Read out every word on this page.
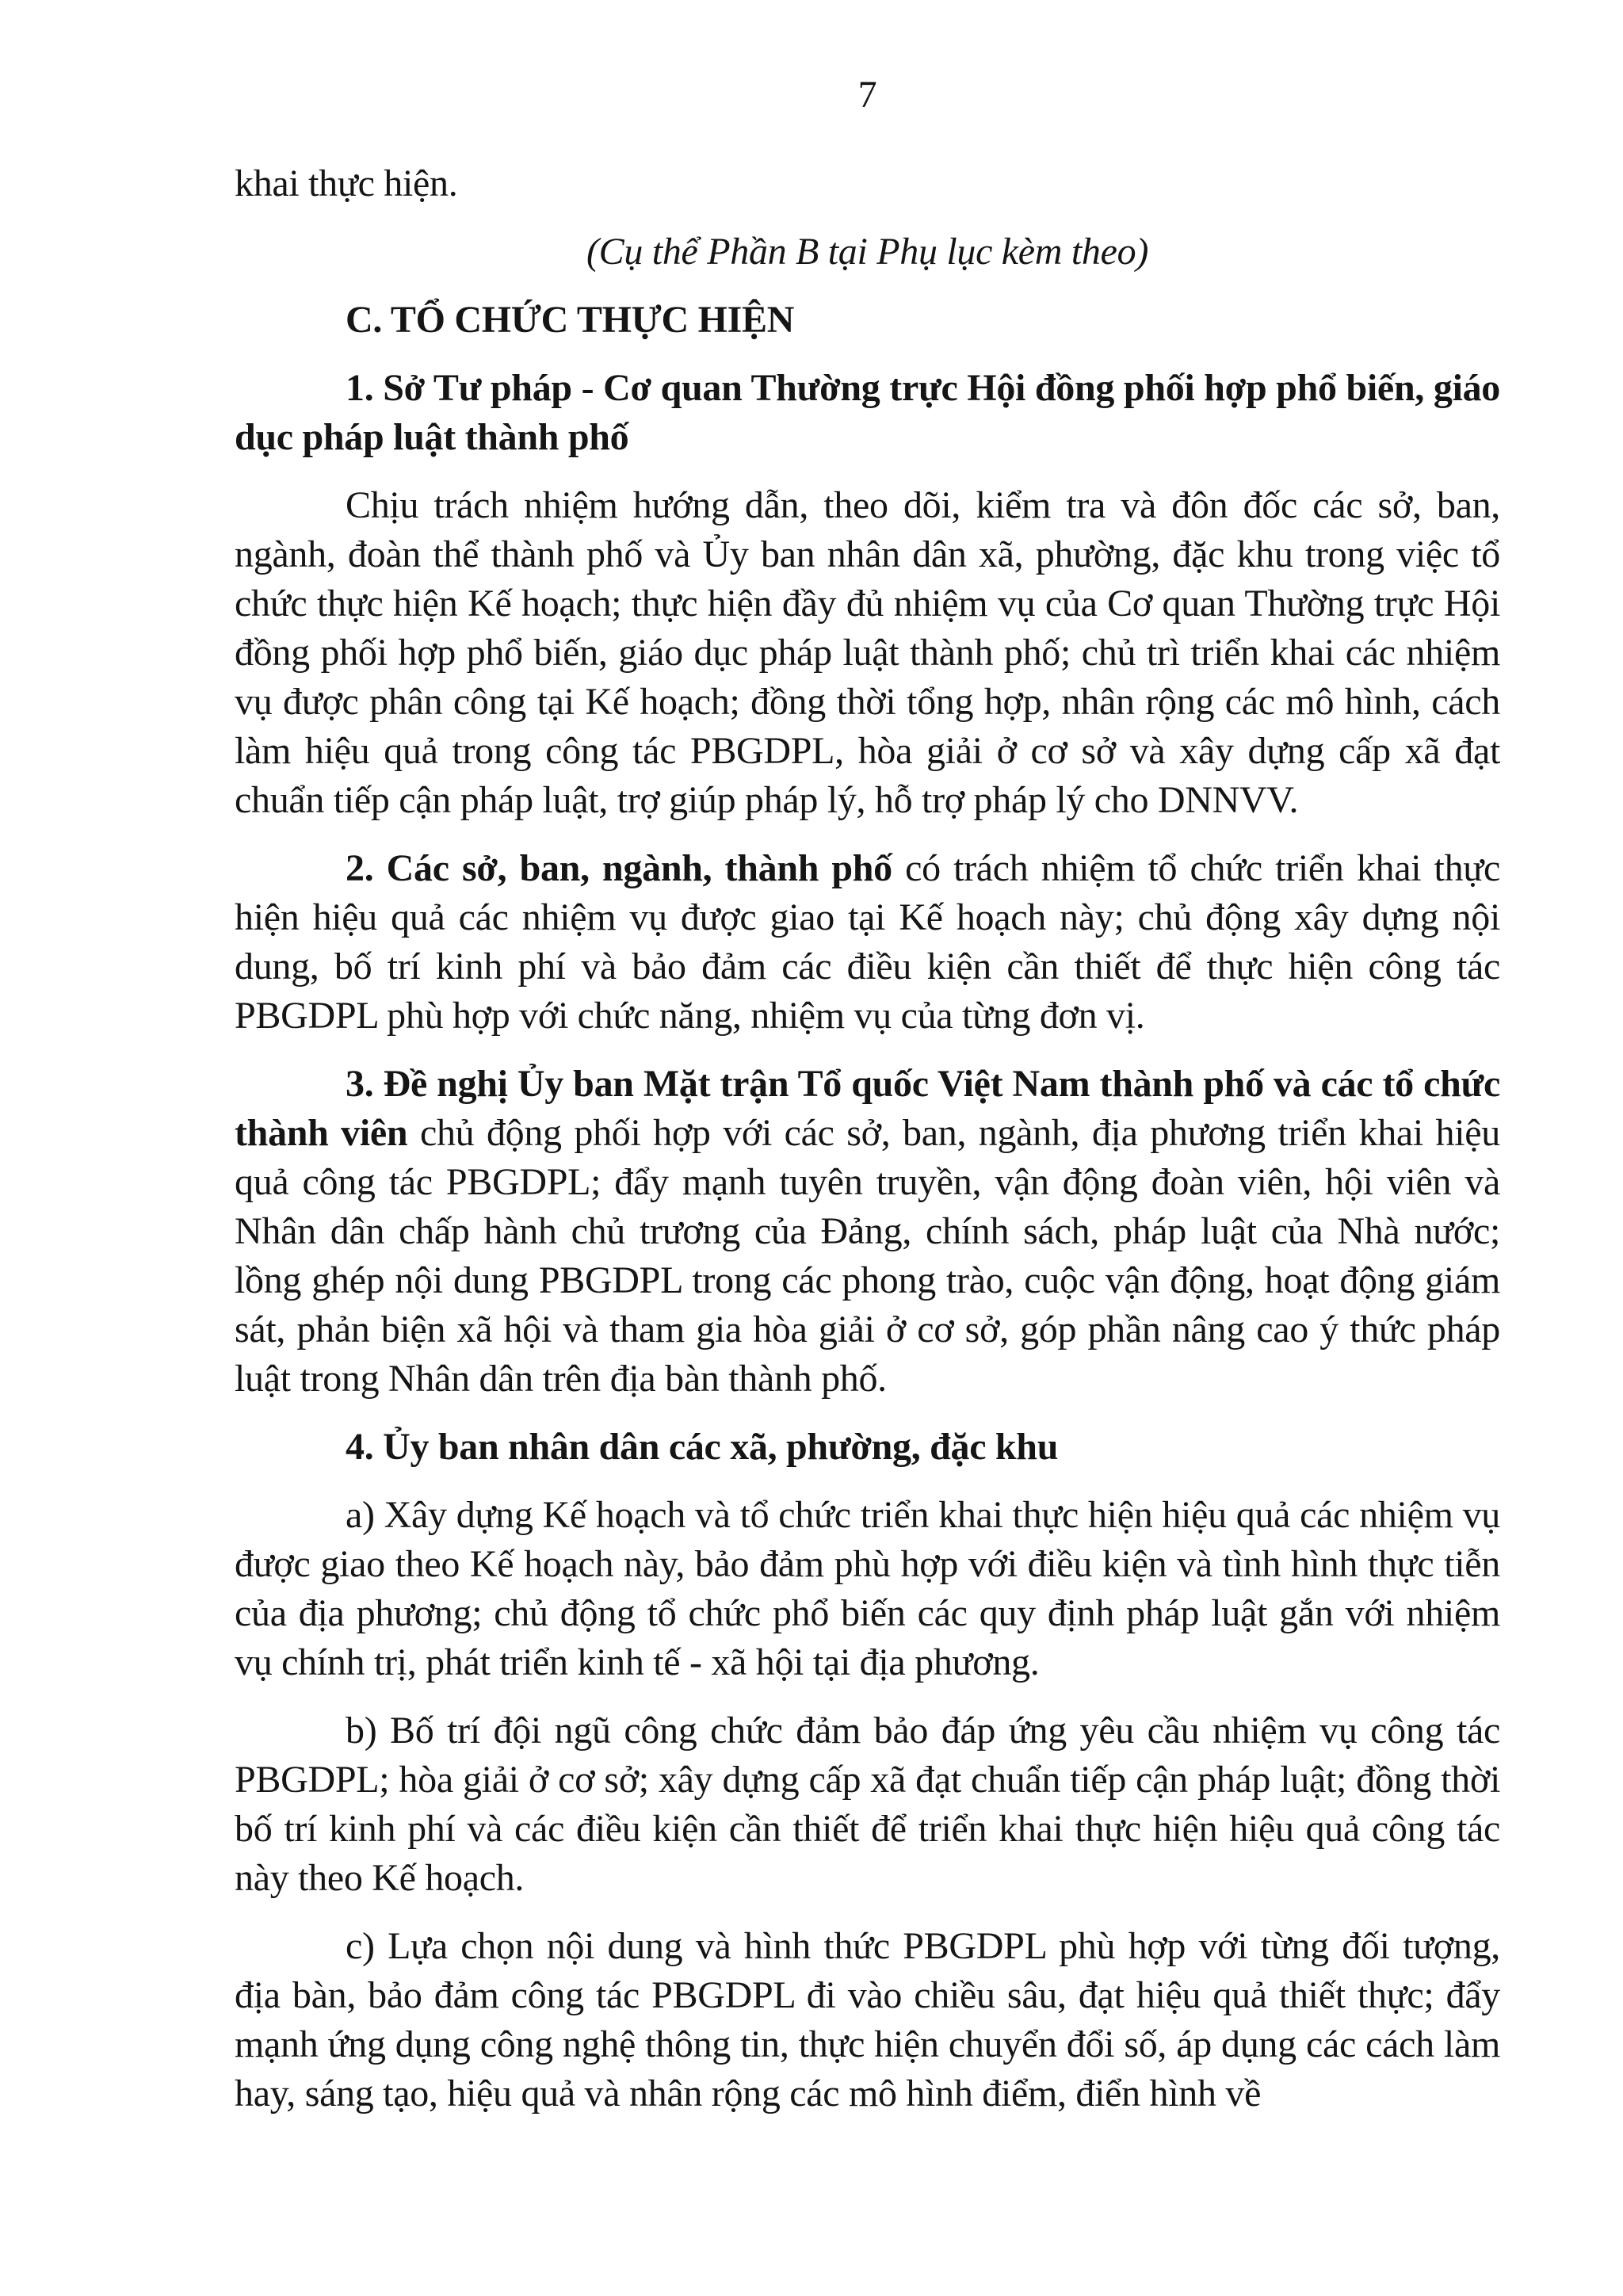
7

khai thực hiện.

(Cụ thể Phần B tại Phụ lục kèm theo)

C. TỔ CHỨC THỰC HIỆN

1. Sở Tư pháp - Cơ quan Thường trực Hội đồng phối hợp phổ biến, giáo dục pháp luật thành phố

Chịu trách nhiệm hướng dẫn, theo dõi, kiểm tra và đôn đốc các sở, ban, ngành, đoàn thể thành phố và Ủy ban nhân dân xã, phường, đặc khu trong việc tổ chức thực hiện Kế hoạch; thực hiện đầy đủ nhiệm vụ của Cơ quan Thường trực Hội đồng phối hợp phổ biến, giáo dục pháp luật thành phố; chủ trì triển khai các nhiệm vụ được phân công tại Kế hoạch; đồng thời tổng hợp, nhân rộng các mô hình, cách làm hiệu quả trong công tác PBGDPL, hòa giải ở cơ sở và xây dựng cấp xã đạt chuẩn tiếp cận pháp luật, trợ giúp pháp lý, hỗ trợ pháp lý cho DNNVV.

2. Các sở, ban, ngành, thành phố có trách nhiệm tổ chức triển khai thực hiện hiệu quả các nhiệm vụ được giao tại Kế hoạch này; chủ động xây dựng nội dung, bố trí kinh phí và bảo đảm các điều kiện cần thiết để thực hiện công tác PBGDPL phù hợp với chức năng, nhiệm vụ của từng đơn vị.

3. Đề nghị Ủy ban Mặt trận Tổ quốc Việt Nam thành phố và các tổ chức thành viên chủ động phối hợp với các sở, ban, ngành, địa phương triển khai hiệu quả công tác PBGDPL; đẩy mạnh tuyên truyền, vận động đoàn viên, hội viên và Nhân dân chấp hành chủ trương của Đảng, chính sách, pháp luật của Nhà nước; lồng ghép nội dung PBGDPL trong các phong trào, cuộc vận động, hoạt động giám sát, phản biện xã hội và tham gia hòa giải ở cơ sở, góp phần nâng cao ý thức pháp luật trong Nhân dân trên địa bàn thành phố.

4. Ủy ban nhân dân các xã, phường, đặc khu

a) Xây dựng Kế hoạch và tổ chức triển khai thực hiện hiệu quả các nhiệm vụ được giao theo Kế hoạch này, bảo đảm phù hợp với điều kiện và tình hình thực tiễn của địa phương; chủ động tổ chức phổ biến các quy định pháp luật gắn với nhiệm vụ chính trị, phát triển kinh tế - xã hội tại địa phương.

b) Bố trí đội ngũ công chức đảm bảo đáp ứng yêu cầu nhiệm vụ công tác PBGDPL; hòa giải ở cơ sở; xây dựng cấp xã đạt chuẩn tiếp cận pháp luật; đồng thời bố trí kinh phí và các điều kiện cần thiết để triển khai thực hiện hiệu quả công tác này theo Kế hoạch.

c) Lựa chọn nội dung và hình thức PBGDPL phù hợp với từng đối tượng, địa bàn, bảo đảm công tác PBGDPL đi vào chiều sâu, đạt hiệu quả thiết thực; đẩy mạnh ứng dụng công nghệ thông tin, thực hiện chuyển đổi số, áp dụng các cách làm hay, sáng tạo, hiệu quả và nhân rộng các mô hình điểm, điển hình về
